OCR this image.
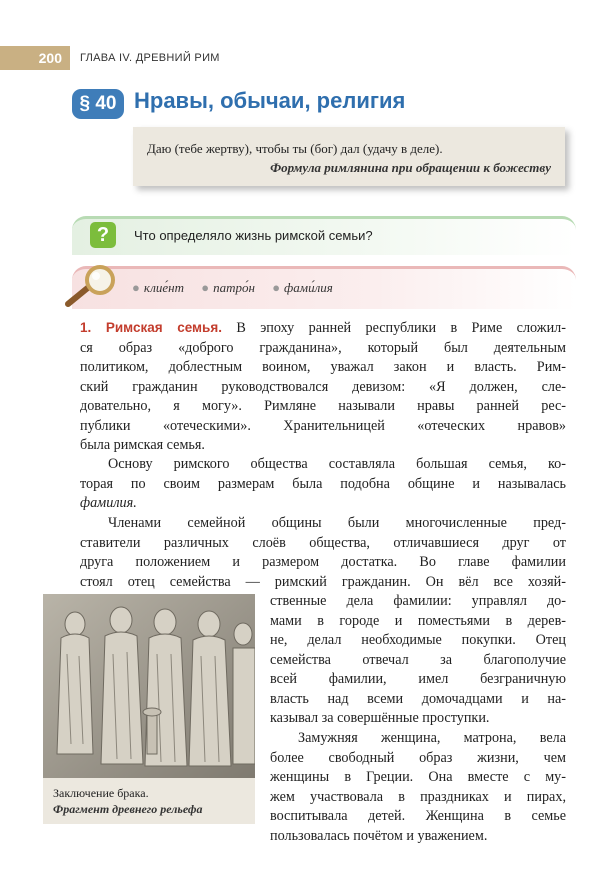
200	ГЛАВА IV. ДРЕВНИЙ РИМ
§ 40 Нравы, обычаи, религия
Даю (тебе жертву), чтобы ты (бог) дал (удачу в деле).
Формула римлянина при обращении к божеству
?	Что определяло жизнь римской семьи?
● клие́нт ● патро́н ● фами́лия
1. Римская семья. В эпоху ранней республики в Риме сложил-
ся образ «доброго гражданина», который был деятельным
политиком, доблестным воином, уважал закон и власть. Рим-
ский гражданин руководствовался девизом: «Я должен, сле-
довательно, я могу». Римляне называли нравы ранней рес-
публики «отеческими». Хранительницей «отеческих нравов»
была римская семья.
Основу римского общества составляла большая семья, ко-
торая по своим размерам была подобна общине и называлась
фамилия.
Членами семейной общины были многочисленные пред-
ставители различных слоёв общества, отличавшиеся друг от
друга положением и размером достатка. Во главе фамилии
стоял отец семейства — римский гражданин. Он вёл все хозяй-
ственные дела фамилии: управлял до-
мами в городе и поместьями в дерев-
не, делал необходимые покупки. Отец
семейства отвечал за благополучие
всей фамилии, имел безграничную
власть над всеми домочадцами и на-
казывал за совершённые проступки.
Замужняя женщина, матрона, вела
более свободный образ жизни, чем
женщины в Греции. Она вместе с му-
жем участвовала в праздниках и пирах,
воспитывала детей. Женщина в семье
пользовалась почётом и уважением.
Заключение брака.
Фрагмент древнего рельефа
